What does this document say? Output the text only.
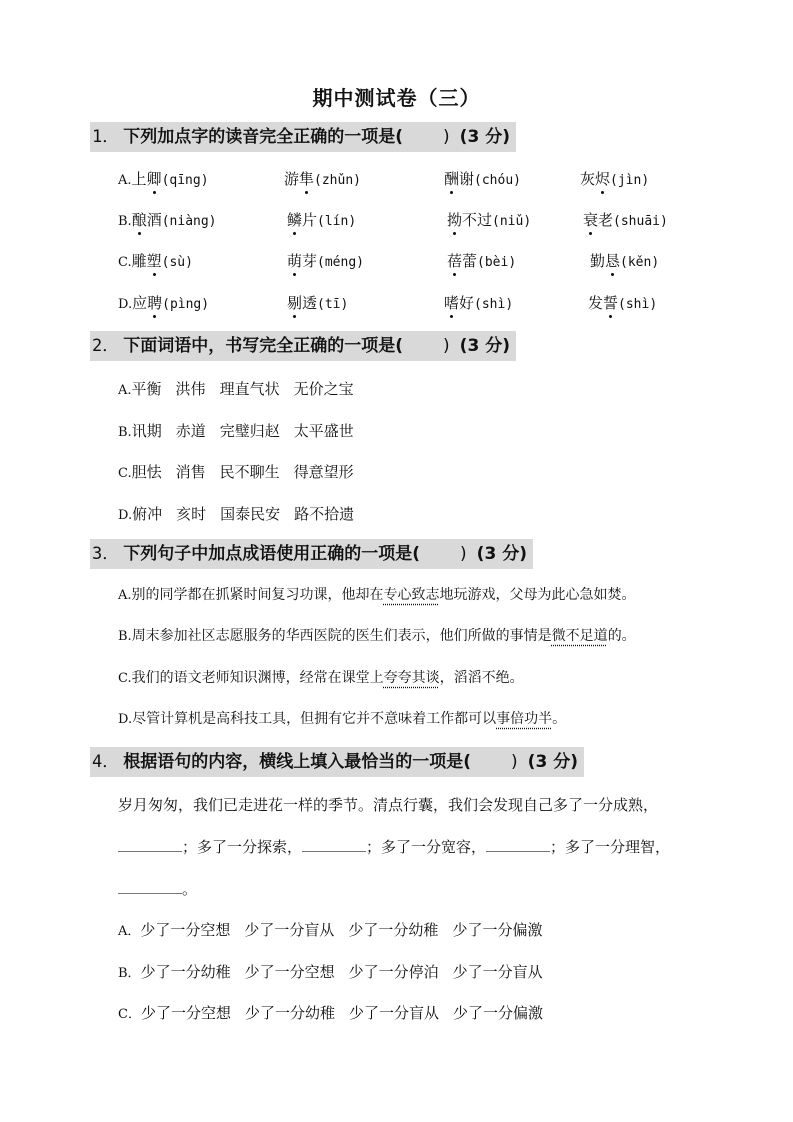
期中测试卷（三）
1． 下列加点字的读音完全正确的一项是( ) (3 分)
A.上卿(qīng)	游隼(zhǔn)	酬谢(chóu)	灰烬(jìn)
B.酿酒(niàng)	鳞片(lín)	拗不过(niǔ)	衰老(shuāi)
C.雕塑(sù)	萌芽(méng)	蓓蕾(bèi)	勤恳(kěn)
D.应聘(pìng)	剔透(tī)	嗜好(shì)	发誓(shì)
2． 下面词语中，书写完全正确的一项是( ) (3 分)
A.平衡 洪伟 理直气状 无价之宝
B.讯期 赤道 完璧归赵 太平盛世
C.胆怯 消售 民不聊生 得意望形
D.俯冲 亥时 国泰民安 路不拾遗
3． 下列句子中加点成语使用正确的一项是( ) (3 分)
A.别的同学都在抓紧时间复习功课，他却在专心致志地玩游戏，父母为此心急如焚。
B.周末参加社区志愿服务的华西医院的医生们表示，他们所做的事情是微不足道的。
C.我们的语文老师知识渊博，经常在课堂上夸夸其谈，滔滔不绝。
D.尽管计算机是高科技工具，但拥有它并不意味着工作都可以事倍功半。
4． 根据语句的内容，横线上填入最恰当的一项是( ) (3 分)
岁月匆匆，我们已走进花一样的季节。清点行囊，我们会发现自己多了一分成熟，
；多了一分探索，	；多了一分宽容，	；多了一分理智，
。
A．少了一分空想 少了一分盲从 少了一分幼稚 少了一分偏激
B．少了一分幼稚 少了一分空想 少了一分停泊 少了一分盲从
C．少了一分空想 少了一分幼稚 少了一分盲从 少了一分偏激
